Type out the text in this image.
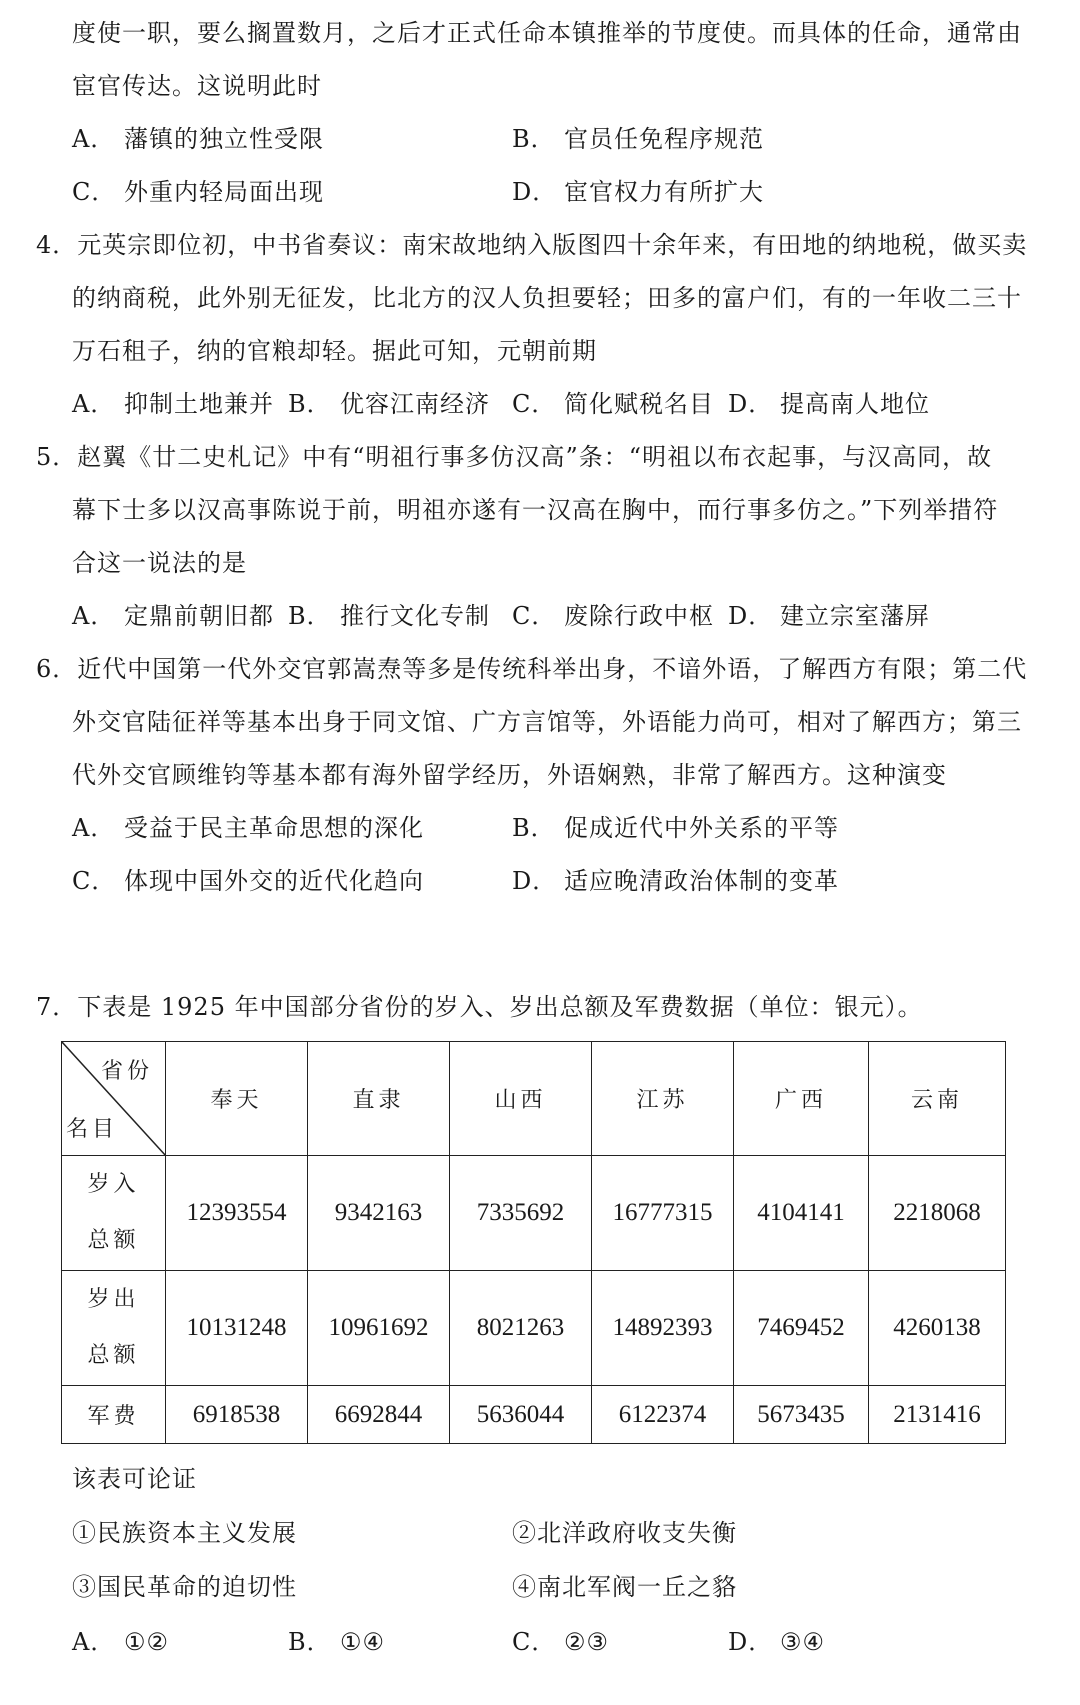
度使一职，要么搁置数月，之后才正式任命本镇推举的节度使。而具体的任命，通常由
宦官传达。这说明此时
A． 藩镇的独立性受限	B． 官员任免程序规范
C． 外重内轻局面出现	D． 宦官权力有所扩大
4．元英宗即位初，中书省奏议：南宋故地纳入版图四十余年来，有田地的纳地税，做买卖
的纳商税，此外别无征发，比北方的汉人负担要轻；田多的富户们，有的一年收二三十
万石租子，纳的官粮却轻。据此可知，元朝前期
A． 抑制土地兼并 B． 优容江南经济 C． 简化赋税名目 D． 提高南人地位
5．赵翼《廿二史札记》中有“明祖行事多仿汉高”条：“明祖以布衣起事，与汉高同，故
幕下士多以汉高事陈说于前，明祖亦遂有一汉高在胸中，而行事多仿之。”下列举措符
合这一说法的是
A． 定鼎前朝旧都 B． 推行文化专制 C． 废除行政中枢 D． 建立宗室藩屏
6．近代中国第一代外交官郭嵩焘等多是传统科举出身，不谙外语，了解西方有限；第二代
外交官陆征祥等基本出身于同文馆、广方言馆等，外语能力尚可，相对了解西方；第三
代外交官顾维钧等基本都有海外留学经历，外语娴熟，非常了解西方。这种演变
A． 受益于民主革命思想的深化	B． 促成近代中外关系的平等
C． 体现中国外交的近代化趋向	D． 适应晚清政治体制的变革
7．下表是 1925 年中国部分省份的岁入、岁出总额及军费数据（单位：银元）。
省份
名目	奉天	直隶	山西	江苏	广西	云南

岁入
总额	12393554	9342163	7335692	16777315	4104141	2218068

岁出
总额	10131248	10961692	8021263	14892393	7469452	4260138
军费	6918538	6692844	5636044	6122374	5673435	2131416
该表可论证
①民族资本主义发展	②北洋政府收支失衡
③国民革命的迫切性	④南北军阀一丘之貉
A． ①②	B． ①④	C． ②③	D． ③④
